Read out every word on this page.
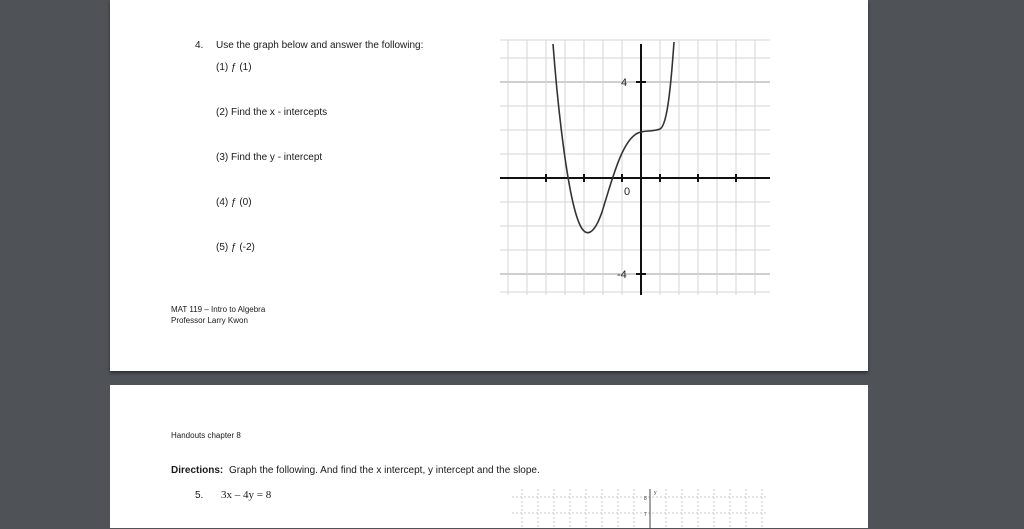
4. Use the graph below and answer the following:
(1) ƒ (1)
(2) Find the x - intercepts
(3) Find the y - intercept
(4) ƒ (0)
(5) ƒ (-2)
MAT 119 – Intro to Algebra
Professor Larry Kwon
4
0
-4
Handouts chapter 8
Directions: Graph the following. And find the x intercept, y intercept and the slope.
5. 3x – 4y = 8	y
8
7
